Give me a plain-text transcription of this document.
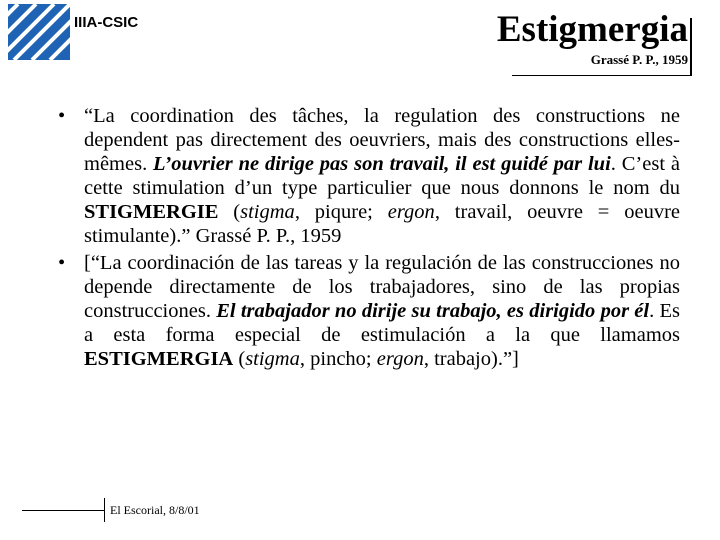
IIIA-CSIC	Estigmergia
Grassé P. P., 1959
• “La coordination des tâches, la regulation des constructions ne dependent pas directement des oeuvriers, mais des constructions elles-mêmes. L’ouvrier ne dirige pas son travail, il est guidé par lui. C’est à cette stimulation d’un type particulier que nous donnons le nom du STIGMERGIE (stigma, piqure; ergon, travail, oeuvre = oeuvre stimulante).” Grassé P. P., 1959
• [“La coordinación de las tareas y la regulación de las construcciones no depende directamente de los trabajadores, sino de las propias construcciones. El trabajador no dirije su trabajo, es dirigido por él. Es a esta forma especial de estimulación a la que llamamos ESTIGMERGIA (stigma, pincho; ergon, trabajo).”]
El Escorial, 8/8/01
